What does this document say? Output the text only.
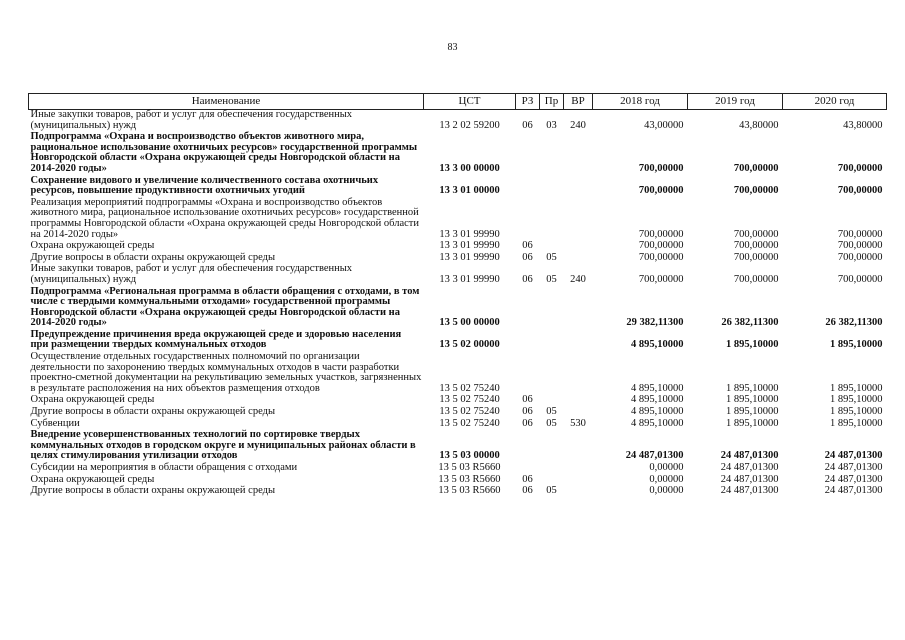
83
Наименование	ЦСТ	РЗ	Пр	ВР	2018 год	2019 год	2020 год
Иные закупки товаров, работ и услуг для обеспечения государственных (муниципальных) нужд	13 2 02 59200	06	03	240	43,00000	43,80000	43,80000
Подпрограмма «Охрана и воспроизводство объектов животного мира, рациональное использование охотничьих ресурсов» государственной программы Новгородской области «Охрана окружающей среды Новгородской области на 2014-2020 годы»	13 3 00 00000				700,00000	700,00000	700,00000
Сохранение видового и увеличение количественного состава охотничьих ресурсов, повышение продуктивности охотничьих угодий	13 3 01 00000				700,00000	700,00000	700,00000
Реализация мероприятий подпрограммы «Охрана и воспроизводство объектов животного мира, рациональное использование охотничьих ресурсов» государственной программы Новгородской области «Охрана окружающей среды Новгородской области на 2014-2020 годы»	13 3 01 99990				700,00000	700,00000	700,00000
Охрана окружающей среды	13 3 01 99990	06			700,00000	700,00000	700,00000
Другие вопросы в области охраны окружающей среды	13 3 01 99990	06	05		700,00000	700,00000	700,00000
Иные закупки товаров, работ и услуг для обеспечения государственных (муниципальных) нужд	13 3 01 99990	06	05	240	700,00000	700,00000	700,00000
Подпрограмма «Региональная программа в области обращения с отходами, в том числе с твердыми коммунальными отходами» государственной программы Новгородской области «Охрана окружающей среды Новгородской области на 2014-2020 годы»	13 5 00 00000				29 382,11300	26 382,11300	26 382,11300
Предупреждение причинения вреда окружающей среде и здоровью населения при размещении твердых коммунальных отходов	13 5 02 00000				4 895,10000	1 895,10000	1 895,10000
Осуществление отдельных государственных полномочий по организации деятельности по захоронению твердых коммунальных отходов в части разработки проектно-сметной документации на рекультивацию земельных участков, загрязненных в результате расположения на них объектов размещения отходов	13 5 02 75240				4 895,10000	1 895,10000	1 895,10000
Охрана окружающей среды	13 5 02 75240	06			4 895,10000	1 895,10000	1 895,10000
Другие вопросы в области охраны окружающей среды	13 5 02 75240	06	05		4 895,10000	1 895,10000	1 895,10000
Субвенции	13 5 02 75240	06	05	530	4 895,10000	1 895,10000	1 895,10000
Внедрение усовершенствованных технологий по сортировке твердых коммунальных отходов в городском округе и муниципальных районах области в целях стимулирования утилизации отходов	13 5 03 00000				24 487,01300	24 487,01300	24 487,01300
Субсидии на мероприятия в области обращения с отходами	13 5 03 R5660				0,00000	24 487,01300	24 487,01300
Охрана окружающей среды	13 5 03 R5660	06			0,00000	24 487,01300	24 487,01300
Другие вопросы в области охраны окружающей среды	13 5 03 R5660	06	05		0,00000	24 487,01300	24 487,01300
